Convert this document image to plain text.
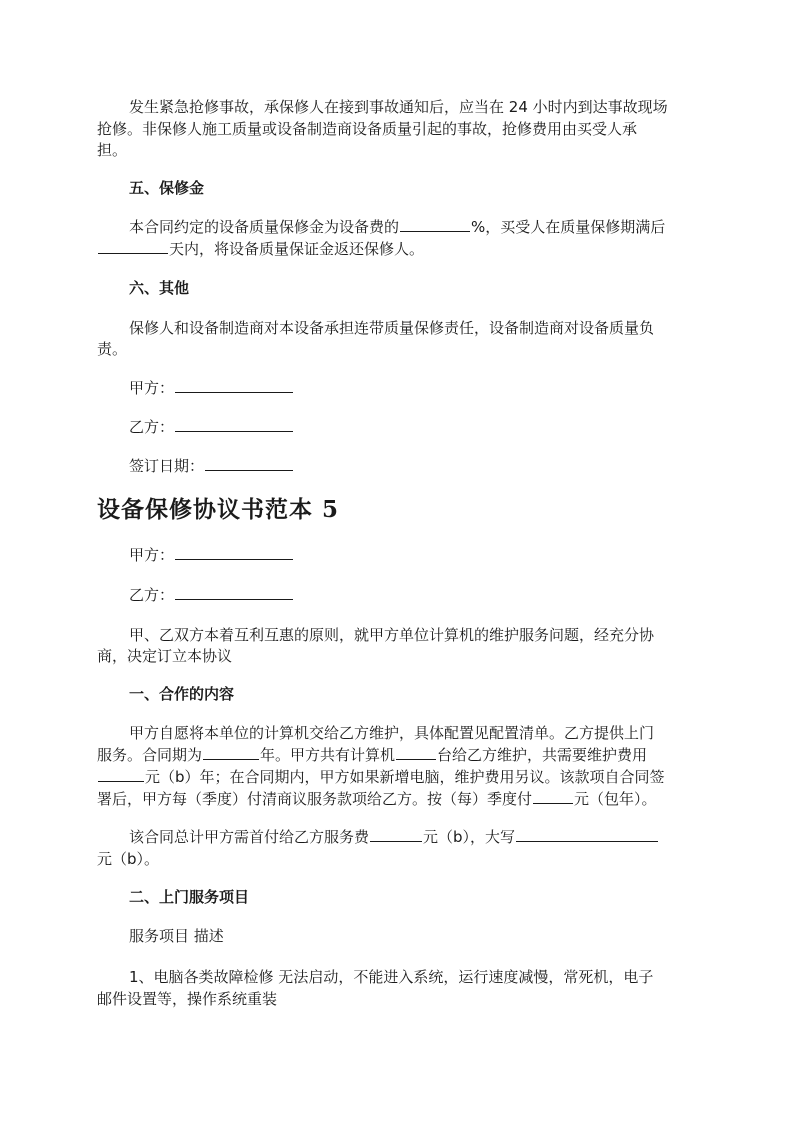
发生紧急抢修事故，承保修人在接到事故通知后，应当在 24 小时内到达事故现场
抢修。非保修人施工质量或设备制造商设备质量引起的事故，抢修费用由买受人承
担。
五、保修金
本合同约定的设备质量保修金为设备费的	%，买受人在质量保修期满后
天内，将设备质量保证金返还保修人。
六、其他
保修人和设备制造商对本设备承担连带质量保修责任，设备制造商对设备质量负
责。
甲方：
乙方：
签订日期：
设备保修协议书范本 5
甲方：
乙方：
甲、乙双方本着互利互惠的原则，就甲方单位计算机的维护服务问题，经充分协
商，决定订立本协议
一、合作的内容
甲方自愿将本单位的计算机交给乙方维护，具体配置见配置清单。乙方提供上门
服务。合同期为	年。甲方共有计算机	台给乙方维护，共需要维护费用
元（b）年；在合同期内，甲方如果新增电脑，维护费用另议。该款项自合同签
署后，甲方每（季度）付清商议服务款项给乙方。按（每）季度付	元（包年）。
该合同总计甲方需首付给乙方服务费	元（b），大写
元（b）。
二、上门服务项目
服务项目 描述
1、电脑各类故障检修 无法启动，不能进入系统，运行速度减慢，常死机，电子
邮件设置等，操作系统重装
